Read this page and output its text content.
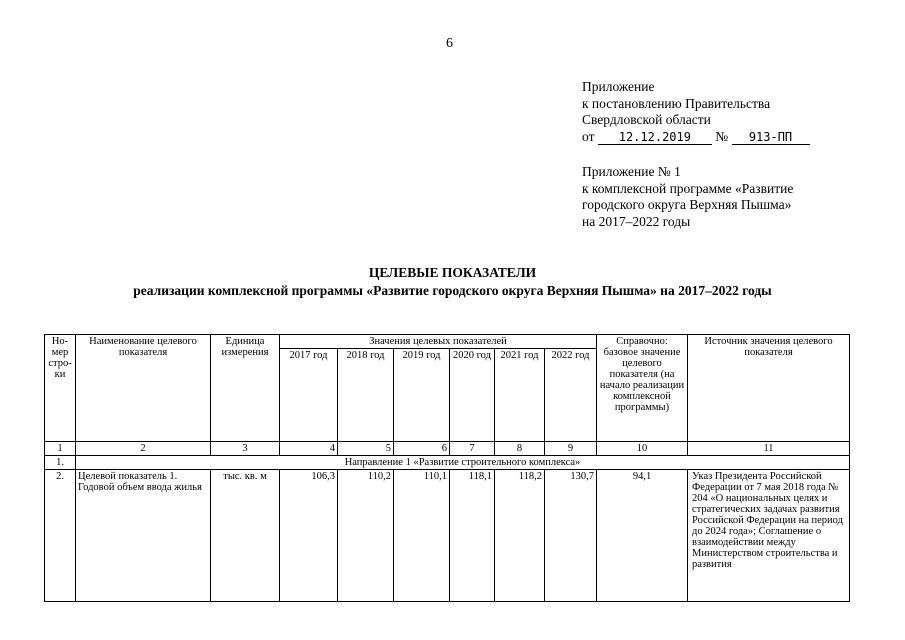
6
Приложение
к постановлению Правительства
Свердловской области
от 12.12.2019 № 913-ПП
Приложение № 1
к комплексной программе «Развитие
городского округа Верхняя Пышма»
на 2017–2022 годы
ЦЕЛЕВЫЕ ПОКАЗАТЕЛИ
реализации комплексной программы «Развитие городского округа Верхняя Пышма» на 2017–2022 годы
Но-мер стро-ки	Наименование целевого показателя	Единица измерения	Значения целевых показателей						Справочно: базовое значение целевого показателя (на начало реализации комплексной программы)	Источник значения целевого показателя
			2017 год	2018 год	2019 год	2020 год	2021 год	2022 год		
1	2	3	4	5	6	7	8	9	10	11
1.	Направление 1 «Развитие строительного комплекса»									
2.	Целевой показатель 1. Годовой объем ввода жилья	тыс. кв. м	106,3	110,2	110,1	118,1	118,2	130,7	94,1	Указ Президента Российской Федерации от 7 мая 2018 года № 204 «О национальных целях и стратегических задачах развития Российской Федерации на период до 2024 года»; Соглашение о взаимодействии между Министерством строительства и развития
